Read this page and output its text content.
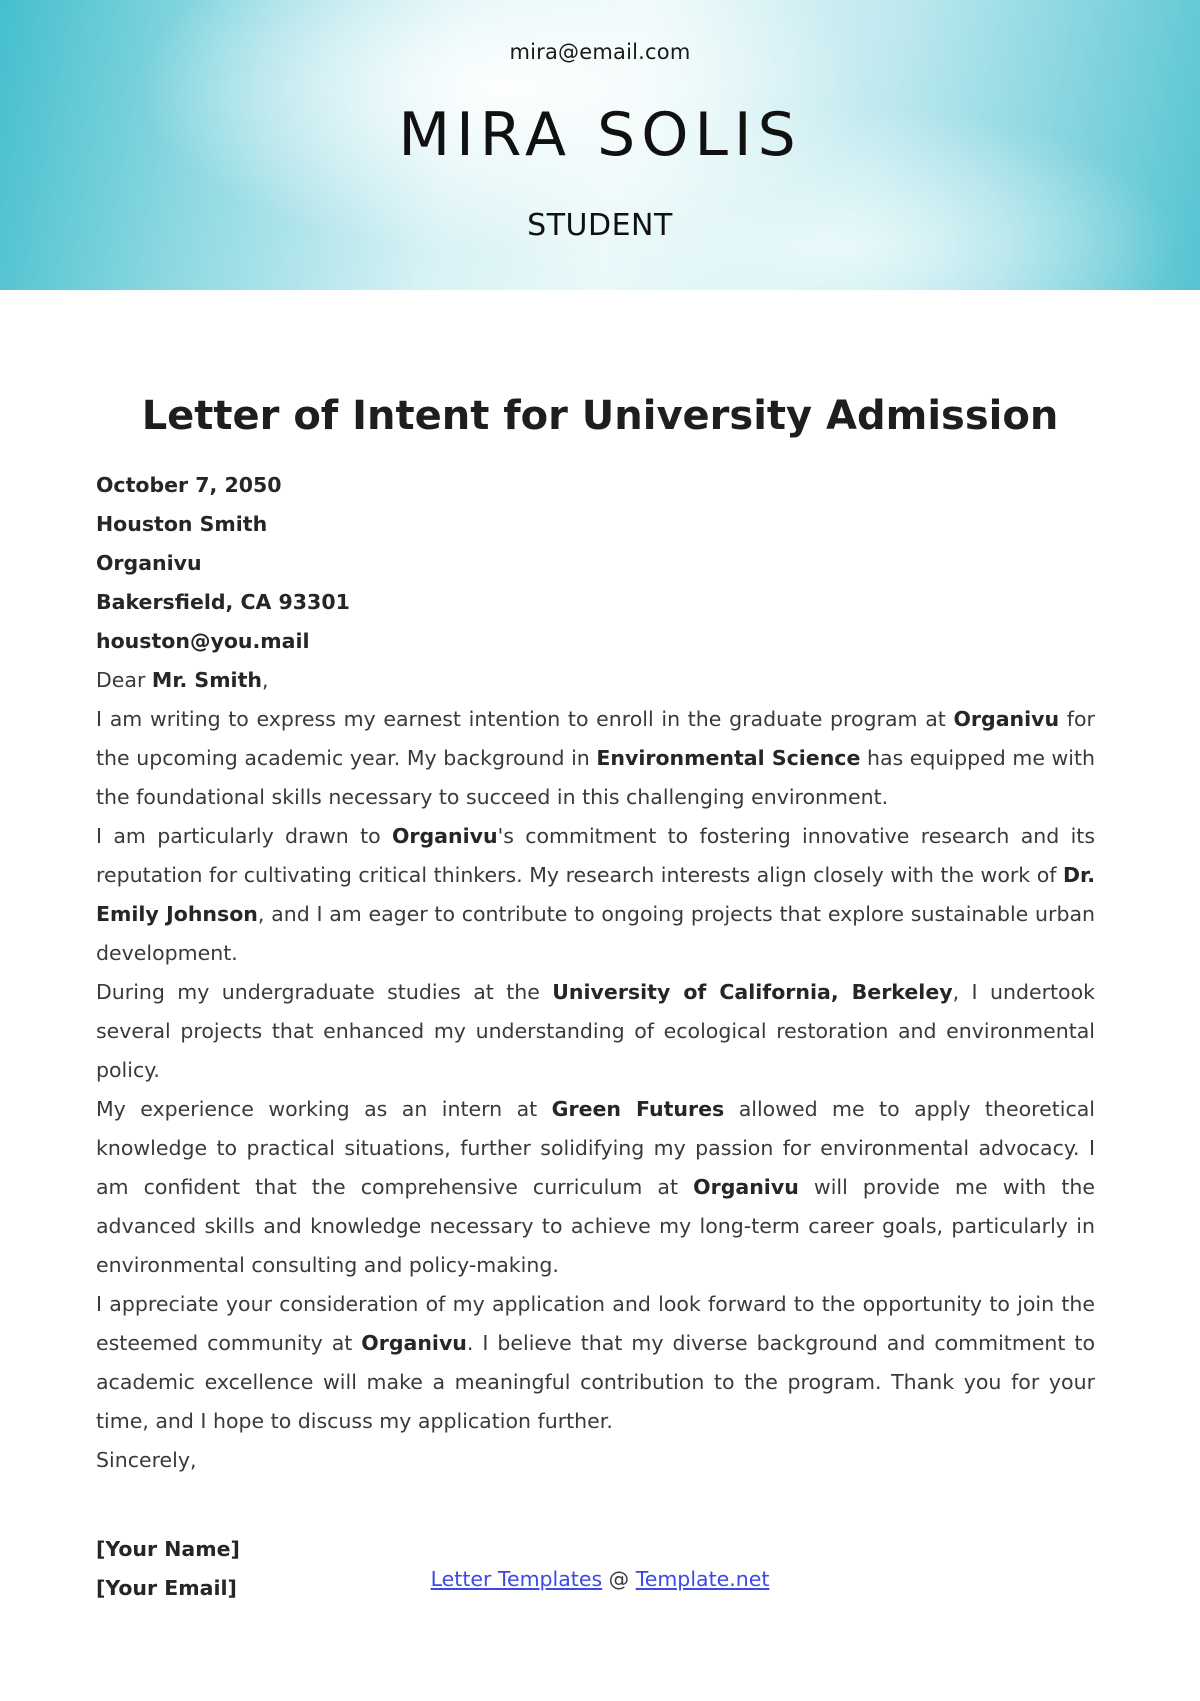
mira@email.com
MIRA SOLIS
STUDENT
Letter of Intent for University Admission
October 7, 2050
Houston Smith
Organivu
Bakersfield, CA 93301
houston@you.mail

Dear Mr. Smith,

I am writing to express my earnest intention to enroll in the graduate program at Organivu for the upcoming academic year. My background in Environmental Science has equipped me with the foundational skills necessary to succeed in this challenging environment.

I am particularly drawn to Organivu's commitment to fostering innovative research and its reputation for cultivating critical thinkers. My research interests align closely with the work of Dr. Emily Johnson, and I am eager to contribute to ongoing projects that explore sustainable urban development.

During my undergraduate studies at the University of California, Berkeley, I undertook several projects that enhanced my understanding of ecological restoration and environmental policy.

My experience working as an intern at Green Futures allowed me to apply theoretical knowledge to practical situations, further solidifying my passion for environmental advocacy. I am confident that the comprehensive curriculum at Organivu will provide me with the advanced skills and knowledge necessary to achieve my long-term career goals, particularly in environmental consulting and policy-making.

I appreciate your consideration of my application and look forward to the opportunity to join the esteemed community at Organivu. I believe that my diverse background and commitment to academic excellence will make a meaningful contribution to the program. Thank you for your time, and I hope to discuss my application further.

Sincerely,

[Your Name]
[Your Email]	Letter Templates @ Template.net
